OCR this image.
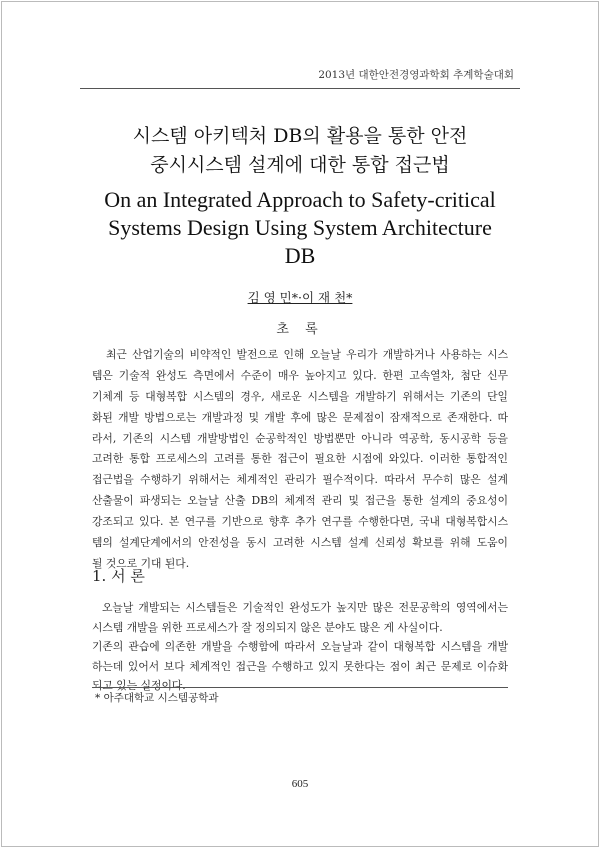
2013년 대한안전경영과학회 추계학술대회
시스템 아키텍처 DB의 활용을 통한 안전
중시시스템 설계에 대한 통합 접근법
On an Integrated Approach to Safety-critical
Systems Design Using System Architecture
DB
김 영 민*·이 재 천*
초 록
최근 산업기술의 비약적인 발전으로 인해 오늘날 우리가 개발하거나 사용하는 시스
템은 기술적 완성도 측면에서 수준이 매우 높아지고 있다. 한편 고속열차, 첨단 신무
기체계 등 대형복합 시스템의 경우, 새로운 시스템을 개발하기 위해서는 기존의 단일
화된 개발 방법으로는 개발과정 및 개발 후에 많은 문제점이 잠재적으로 존재한다. 따
라서, 기존의 시스템 개발방법인 순공학적인 방법뿐만 아니라 역공학, 동시공학 등을
고려한 통합 프로세스의 고려를 통한 접근이 필요한 시점에 와있다. 이러한 통합적인
접근법을 수행하기 위해서는 체계적인 관리가 필수적이다. 따라서 무수히 많은 설계
산출물이 파생되는 오늘날 산출 DB의 체계적 관리 및 접근을 통한 설계의 중요성이
강조되고 있다. 본 연구를 기반으로 향후 추가 연구를 수행한다면, 국내 대형복합시스
템의 설계단계에서의 안전성을 동시 고려한 시스템 설계 신뢰성 확보를 위해 도움이
될 것으로 기대 된다.
1. 서 론
오늘날 개발되는 시스템들은 기술적인 완성도가 높지만 많은 전문공학의 영역에서는
시스템 개발을 위한 프로세스가 잘 정의되지 않은 분야도 많은 게 사실이다.
기존의 관습에 의존한 개발을 수행함에 따라서 오늘날과 같이 대형복합 시스템을 개발
하는데 있어서 보다 체계적인 접근을 수행하고 있지 못한다는 점이 최근 문제로 이슈화
되고 있는 실정이다.
* 아주대학교 시스템공학과
605
